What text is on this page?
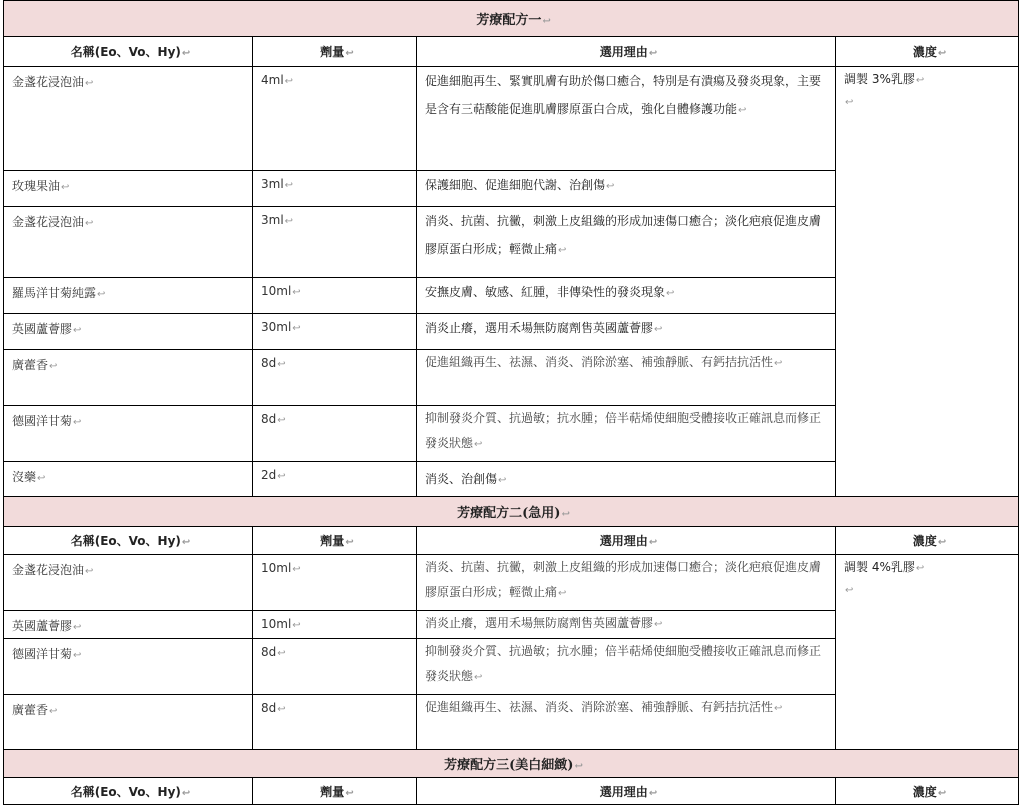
芳療配方一↩			
名稱(Eo、Vo、Hy)↩	劑量↩	選用理由↩	濃度↩
金盞花浸泡油↩	4ml↩	促進細胞再生、緊實肌膚有助於傷口癒合，特別是有潰瘍及發炎現象，主要是含有三萜酸能促進肌膚膠原蛋白合成，強化自體修護功能↩	調製 3%乳膠↩
↩
玫瑰果油↩	3ml↩	保護細胞、促進細胞代謝、治創傷↩	
金盞花浸泡油↩	3ml↩	消炎、抗菌、抗黴，刺激上皮組織的形成加速傷口癒合；淡化疤痕促進皮膚膠原蛋白形成；輕微止痛↩	
羅馬洋甘菊純露↩	10ml↩	安撫皮膚、敏感、紅腫，非傳染性的發炎現象↩	
英國蘆薈膠↩	30ml↩	消炎止癢，選用禾場無防腐劑售英國蘆薈膠↩	
廣藿香↩	8d↩	促進組織再生、祛濕、消炎、消除淤塞、補強靜脈、有鈣拮抗活性↩	
德國洋甘菊↩	8d↩	抑制發炎介質、抗過敏；抗水腫；倍半萜烯使細胞受體接收正確訊息而修正發炎狀態↩	
沒藥↩	2d↩	消炎、治創傷↩	
芳療配方二(急用)↩			
名稱(Eo、Vo、Hy)↩	劑量↩	選用理由↩	濃度↩
金盞花浸泡油↩	10ml↩	消炎、抗菌、抗黴，刺激上皮組織的形成加速傷口癒合；淡化疤痕促進皮膚膠原蛋白形成；輕微止痛↩	調製 4%乳膠↩
↩
英國蘆薈膠↩	10ml↩	消炎止癢，選用禾場無防腐劑售英國蘆薈膠↩	
德國洋甘菊↩	8d↩	抑制發炎介質、抗過敏；抗水腫；倍半萜烯使細胞受體接收正確訊息而修正發炎狀態↩	
廣藿香↩	8d↩	促進組織再生、祛濕、消炎、消除淤塞、補強靜脈、有鈣拮抗活性↩	
芳療配方三(美白細緻)↩
名稱(Eo、Vo、Hy)↩	劑量↩	選用理由↩	濃度↩
